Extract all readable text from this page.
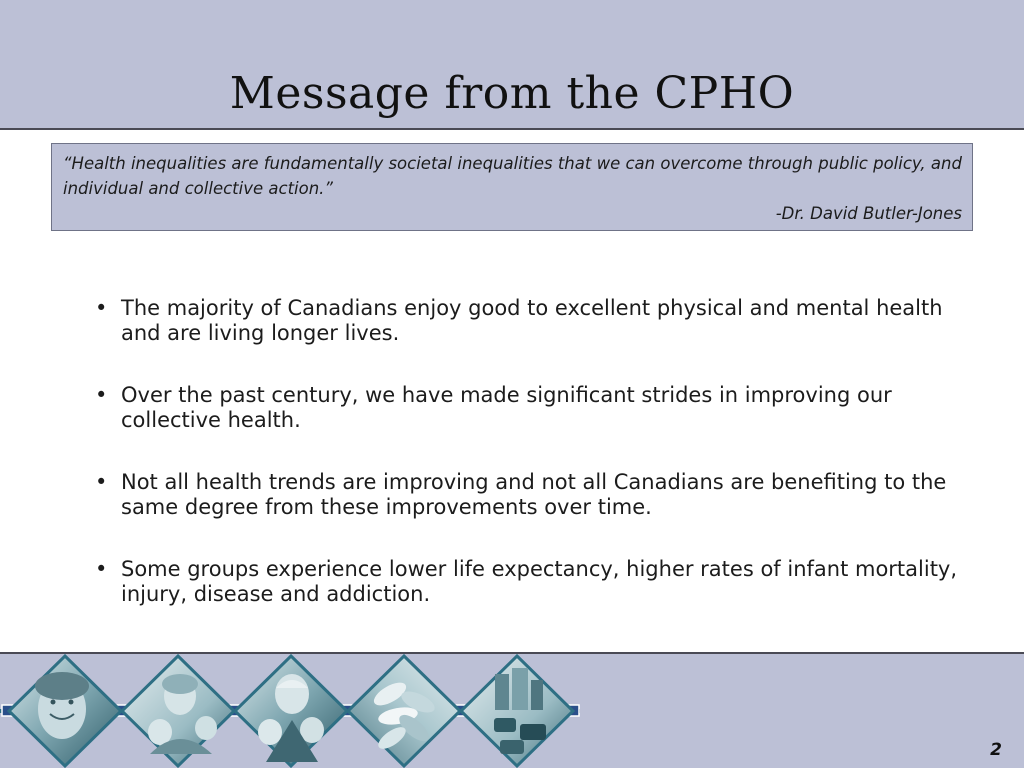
Message from the CPHO
“Health inequalities are fundamentally societal inequalities that we can overcome through public policy, and individual and collective action.”
-Dr. David Butler-Jones
• The majority of Canadians enjoy good to excellent physical and mental health and are living longer lives.
• Over the past century, we have made significant strides in improving our collective health.
• Not all health trends are improving and not all Canadians are benefiting to the same degree from these improvements over time.
• Some groups experience lower life expectancy, higher rates of infant mortality, injury, disease and addiction.
2
